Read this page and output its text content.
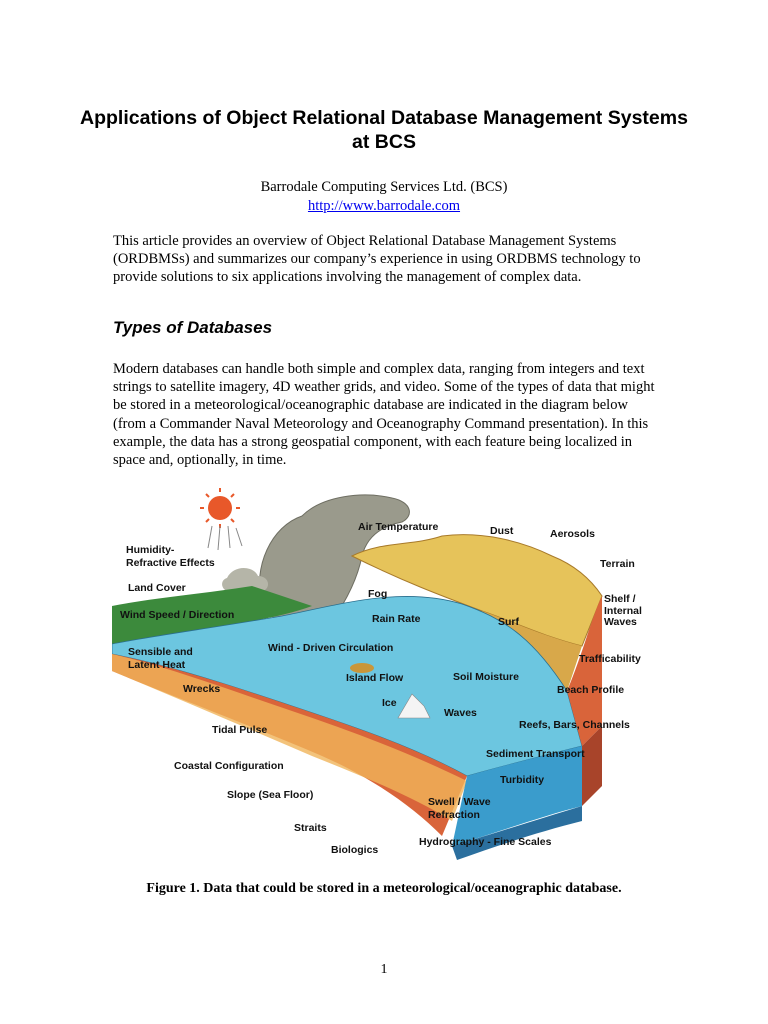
Applications of Object Relational Database Management Systems at BCS
Barrodale Computing Services Ltd. (BCS)
http://www.barrodale.com

This article provides an overview of Object Relational Database Management Systems (ORDBMSs) and summarizes our company’s experience in using ORDBMS technology to provide solutions to six applications involving the management of complex data.

Types of Databases

Modern databases can handle both simple and complex data, ranging from integers and text strings to satellite imagery, 4D weather grids, and video. Some of the types of data that might be stored in a meteorological/oceanographic database are indicated in the diagram below (from a Commander Naval Meteorology and Oceanography Command presentation). In this example, the data has a strong geospatial component, with each feature being localized in space and, optionally, in time.

Air Temperature	Dust	Aerosols
Humidity-
Refractive Effects	Terrain
Land Cover	Fog	Shelf /
Internal
Waves
Wind Speed / Direction	Rain Rate	Surf
Sensible and
Latent Heat
Wind - Driven Circulation
Trafficability
Island Flow	Soil Moisture
Wrecks	Beach Profile
Ice
Waves
Tidal Pulse	Reefs, Bars, Channels
Sediment Transport
Coastal Configuration
Turbidity
Slope (Sea Floor)
Swell / Wave
Refraction
Straits
Hydrography - Fine Scales
Biologics
Figure 1. Data that could be stored in a meteorological/oceanographic database.
1
